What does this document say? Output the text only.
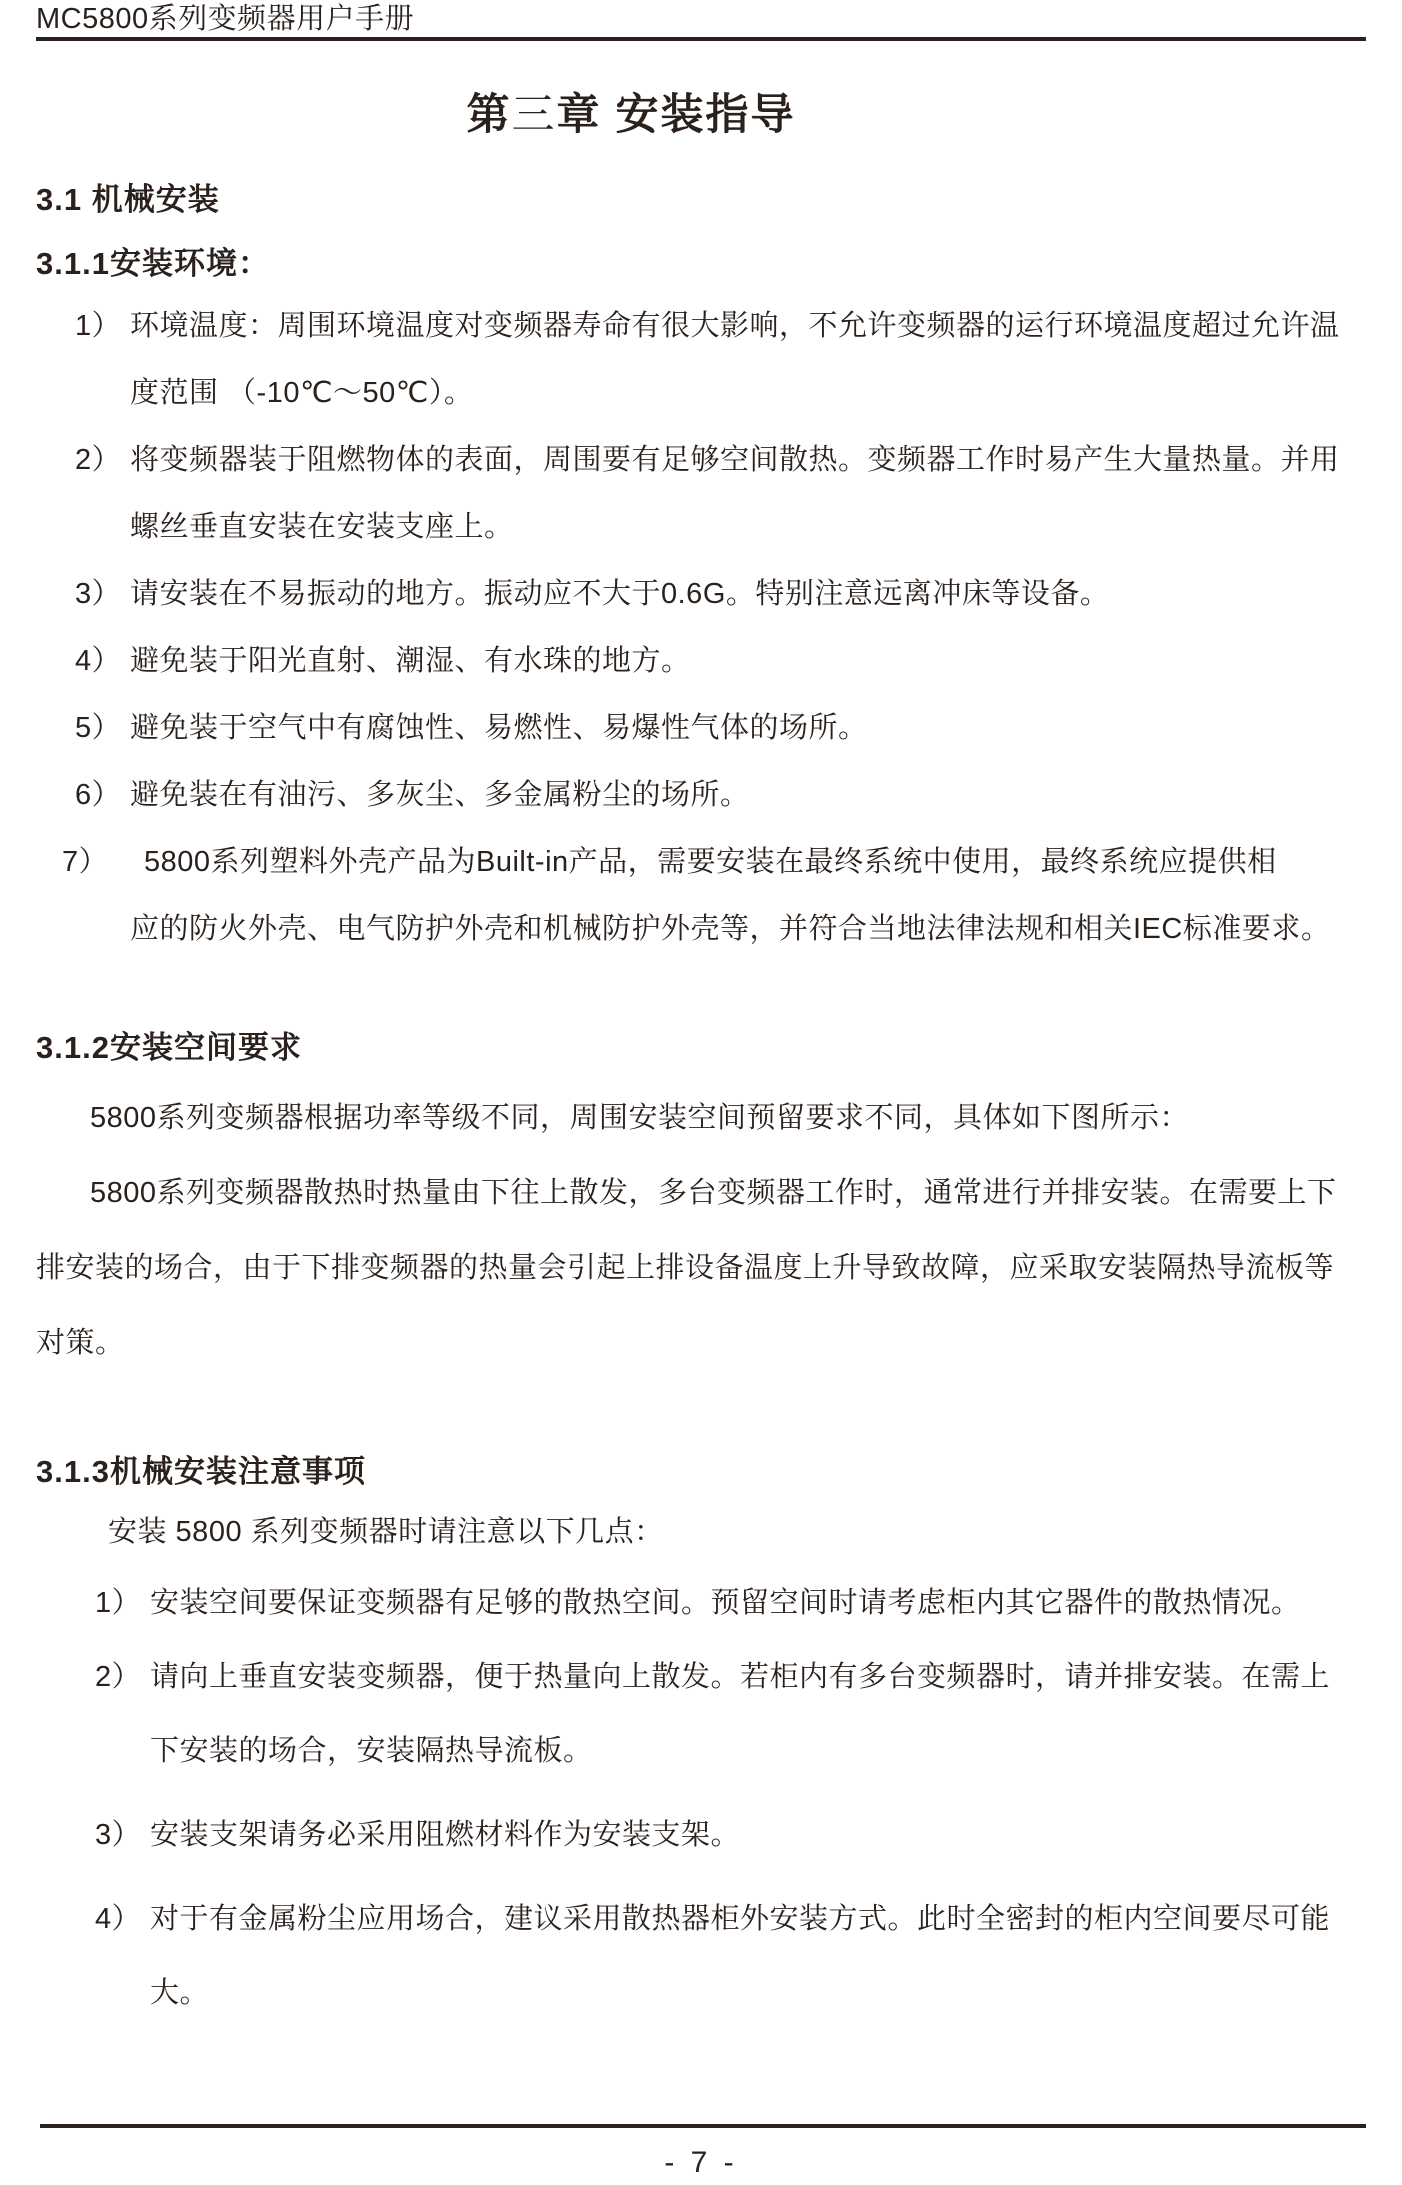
MC5800系列变频器用户手册
第三章 安装指导
3.1 机械安装
3.1.1安装环境：
1） 环境温度：周围环境温度对变频器寿命有很大影响，不允许变频器的运行环境温度超过允许温
度范围 （-10℃～50℃）。
2） 将变频器装于阻燃物体的表面，周围要有足够空间散热。变频器工作时易产生大量热量。并用
螺丝垂直安装在安装支座上。
3） 请安装在不易振动的地方。振动应不大于0.6G。特别注意远离冲床等设备。
4） 避免装于阳光直射、潮湿、有水珠的地方。
5） 避免装于空气中有腐蚀性、易燃性、易爆性气体的场所。
6） 避免装在有油污、多灰尘、多金属粉尘的场所。
7）	5800系列塑料外壳产品为Built-in产品，需要安装在最终系统中使用，最终系统应提供相
应的防火外壳、电气防护外壳和机械防护外壳等，并符合当地法律法规和相关IEC标准要求。
3.1.2安装空间要求
5800系列变频器根据功率等级不同，周围安装空间预留要求不同，具体如下图所示：
5800系列变频器散热时热量由下往上散发，多台变频器工作时，通常进行并排安装。在需要上下
排安装的场合，由于下排变频器的热量会引起上排设备温度上升导致故障，应采取安装隔热导流板等
对策。
3.1.3机械安装注意事项
安装 5800 系列变频器时请注意以下几点：
1） 安装空间要保证变频器有足够的散热空间。预留空间时请考虑柜内其它器件的散热情况。
2） 请向上垂直安装变频器，便于热量向上散发。若柜内有多台变频器时，请并排安装。在需上
下安装的场合，安装隔热导流板。
3） 安装支架请务必采用阻燃材料作为安装支架。
4） 对于有金属粉尘应用场合，建议采用散热器柜外安装方式。此时全密封的柜内空间要尽可能
大。
- 7 -
